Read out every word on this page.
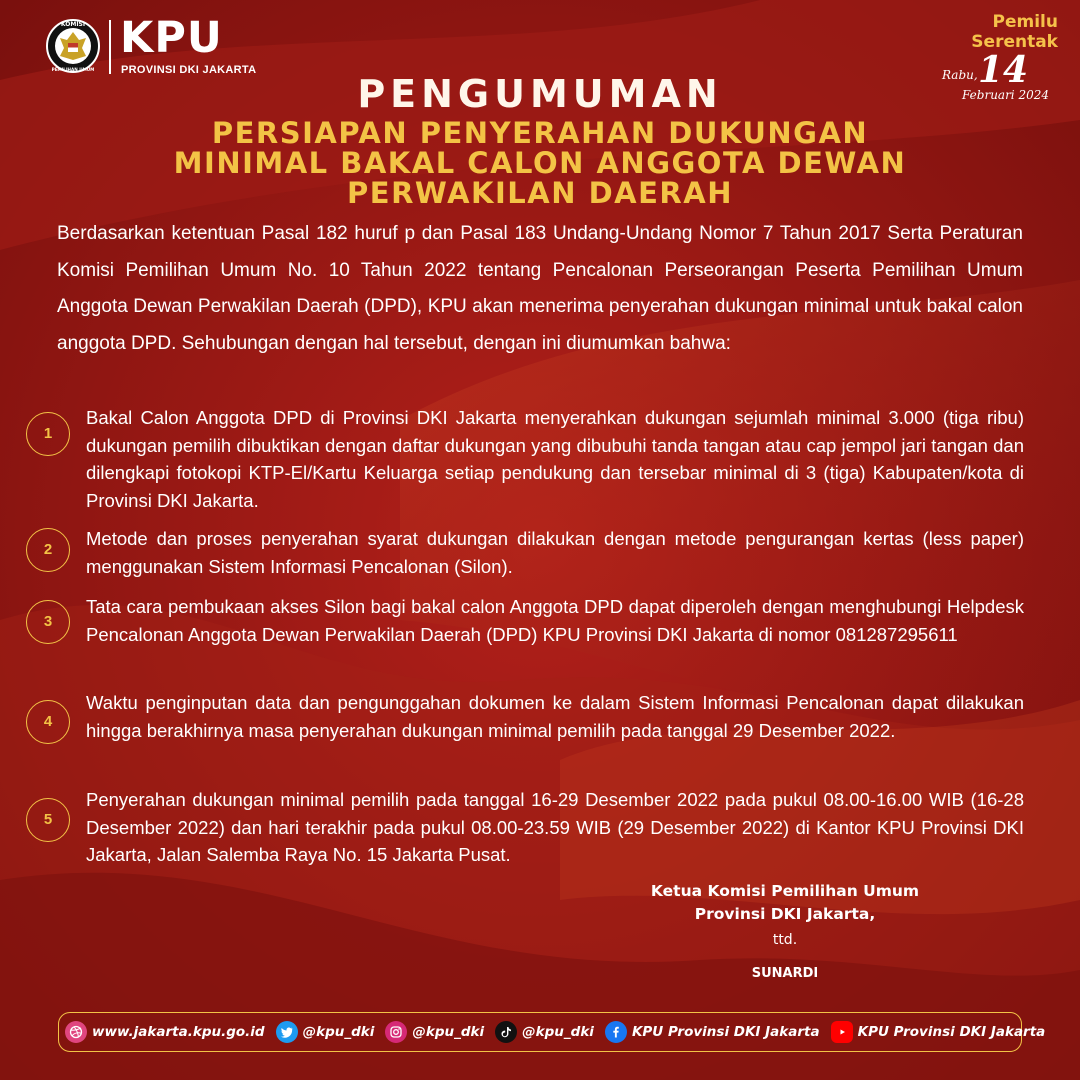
KOMISI
PEMILIHAN UMUM
KPU
PROVINSI DKI JAKARTA
Pemilu
Serentak
Rabu, 14
Februari 2024
PENGUMUMAN
PERSIAPAN PENYERAHAN DUKUNGAN
MINIMAL BAKAL CALON ANGGOTA DEWAN
PERWAKILAN DAERAH
Berdasarkan ketentuan Pasal 182 huruf p dan Pasal 183 Undang-Undang Nomor 7 Tahun 2017 Serta Peraturan Komisi Pemilihan Umum No. 10 Tahun 2022 tentang Pencalonan Perseorangan Peserta Pemilihan Umum Anggota Dewan Perwakilan Daerah (DPD), KPU akan menerima penyerahan dukungan minimal untuk bakal calon anggota DPD. Sehubungan dengan hal tersebut, dengan ini diumumkan bahwa:
1
Bakal Calon Anggota DPD di Provinsi DKI Jakarta menyerahkan dukungan sejumlah minimal 3.000 (tiga ribu) dukungan pemilih dibuktikan dengan daftar dukungan yang dibubuhi tanda tangan atau cap jempol jari tangan dan dilengkapi fotokopi KTP-El/Kartu Keluarga setiap pendukung dan tersebar minimal di 3 (tiga) Kabupaten/kota di Provinsi DKI Jakarta.
2
Metode dan proses penyerahan syarat dukungan dilakukan dengan metode pengurangan kertas (less paper) menggunakan Sistem Informasi Pencalonan (Silon).
3
Tata cara pembukaan akses Silon bagi bakal calon Anggota DPD dapat diperoleh dengan menghubungi Helpdesk Pencalonan Anggota Dewan Perwakilan Daerah (DPD) KPU Provinsi DKI Jakarta di nomor 081287295611
4
Waktu penginputan data dan pengunggahan dokumen ke dalam Sistem Informasi Pencalonan dapat dilakukan hingga berakhirnya masa penyerahan dukungan minimal pemilih pada tanggal 29 Desember 2022.
5
Penyerahan dukungan minimal pemilih pada tanggal 16-29 Desember 2022 pada pukul 08.00-16.00 WIB (16-28 Desember 2022) dan hari terakhir pada pukul 08.00-23.59 WIB (29 Desember 2022) di Kantor KPU Provinsi DKI Jakarta, Jalan Salemba Raya No. 15 Jakarta Pusat.
Ketua Komisi Pemilihan Umum
Provinsi DKI Jakarta,
ttd.
SUNARDI
www.jakarta.kpu.go.id	@kpu_dki	@kpu_dki	@kpu_dki	KPU Provinsi DKI Jakarta	KPU Provinsi DKI Jakarta
